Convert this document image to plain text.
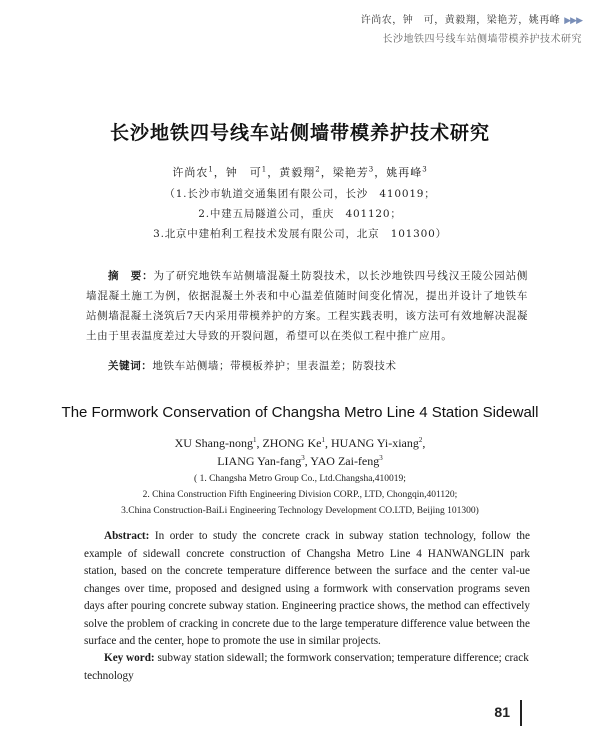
许尚农，钟　可，黄毅翔，梁艳芳，姚再峰 ▶▶▶
长沙地铁四号线车站侧墙带模养护技术研究
长沙地铁四号线车站侧墙带模养护技术研究
许尚农$^1$，钟　可$^1$，黄毅翔$^2$，梁艳芳$^3$，姚再峰$^3$
（1.长沙市轨道交通集团有限公司，长沙　410019；
2.中建五局隧道公司，重庆　401120；
3.北京中建柏利工程技术发展有限公司，北京　101300）
摘　要：为了研究地铁车站侧墙混凝土防裂技术，以长沙地铁四号线汉王陵公园站侧墙混凝土施工为例，依据混凝土外表和中心温差值随时间变化情况，提出并设计了地铁车站侧墙混凝土浇筑后7天内采用带模养护的方案。工程实践表明，该方法可有效地解决混凝土由于里表温度差过大导致的开裂问题，希望可以在类似工程中推广应用。
关键词：地铁车站侧墙；带模板养护；里表温差；防裂技术
The Formwork Conservation of Changsha Metro Line 4 Station Sidewall
XU Shang-nong$^1$, ZHONG Ke$^1$, HUANG Yi-xiang$^2$,
LIANG Yan-fang$^3$, YAO Zai-feng$^3$
( 1. Changsha Metro Group Co., Ltd.Changsha,410019;
2. China Construction Fifth Engineering Division CORP., LTD, Chongqin,401120;
3.China Construction-BaiLi Engineering Technology Development CO.LTD, Beijing 101300)
Abstract: In order to study the concrete crack in subway station technology, follow the example of sidewall concrete construction of Changsha Metro Line 4 HANWANGLIN park station, based on the concrete temperature difference between the surface and the center val-ue changes over time, proposed and designed using a formwork with conservation programs seven days after pouring concrete subway station. Engineering practice shows, the method can effectively solve the problem of cracking in concrete due to the large temperature difference value between the surface and the center, hope to promote the use in similar projects.
Key word: subway station sidewall; the formwork conservation; temperature difference; crack technology
81
